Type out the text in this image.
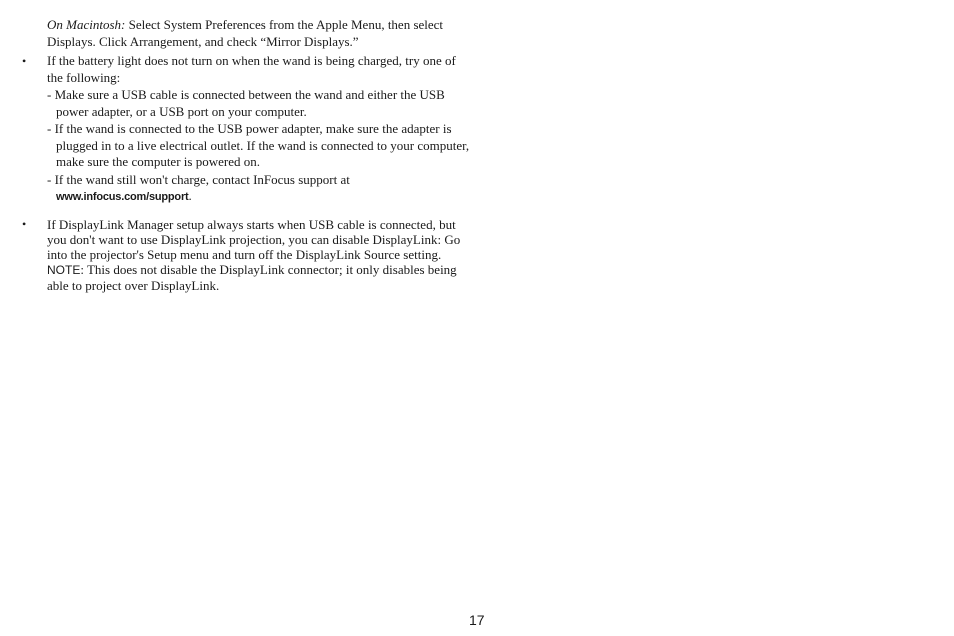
On Macintosh: Select System Preferences from the Apple Menu, then select Displays. Click Arrangement, and check “Mirror Displays.”

• If the battery light does not turn on when the wand is being charged, try one of the following:
- Make sure a USB cable is connected between the wand and either the USB power adapter, or a USB port on your computer.
- If the wand is connected to the USB power adapter, make sure the adapter is plugged in to a live electrical outlet. If the wand is connected to your computer, make sure the computer is powered on.
- If the wand still won't charge, contact InFocus support at
www.infocus.com/support.
• If DisplayLink Manager setup always starts when USB cable is connected, but you don't want to use DisplayLink projection, you can disable DisplayLink: Go into the projector's Setup menu and turn off the DisplayLink Source setting. NOTE: This does not disable the DisplayLink connector; it only disables being able to project over DisplayLink.
17
